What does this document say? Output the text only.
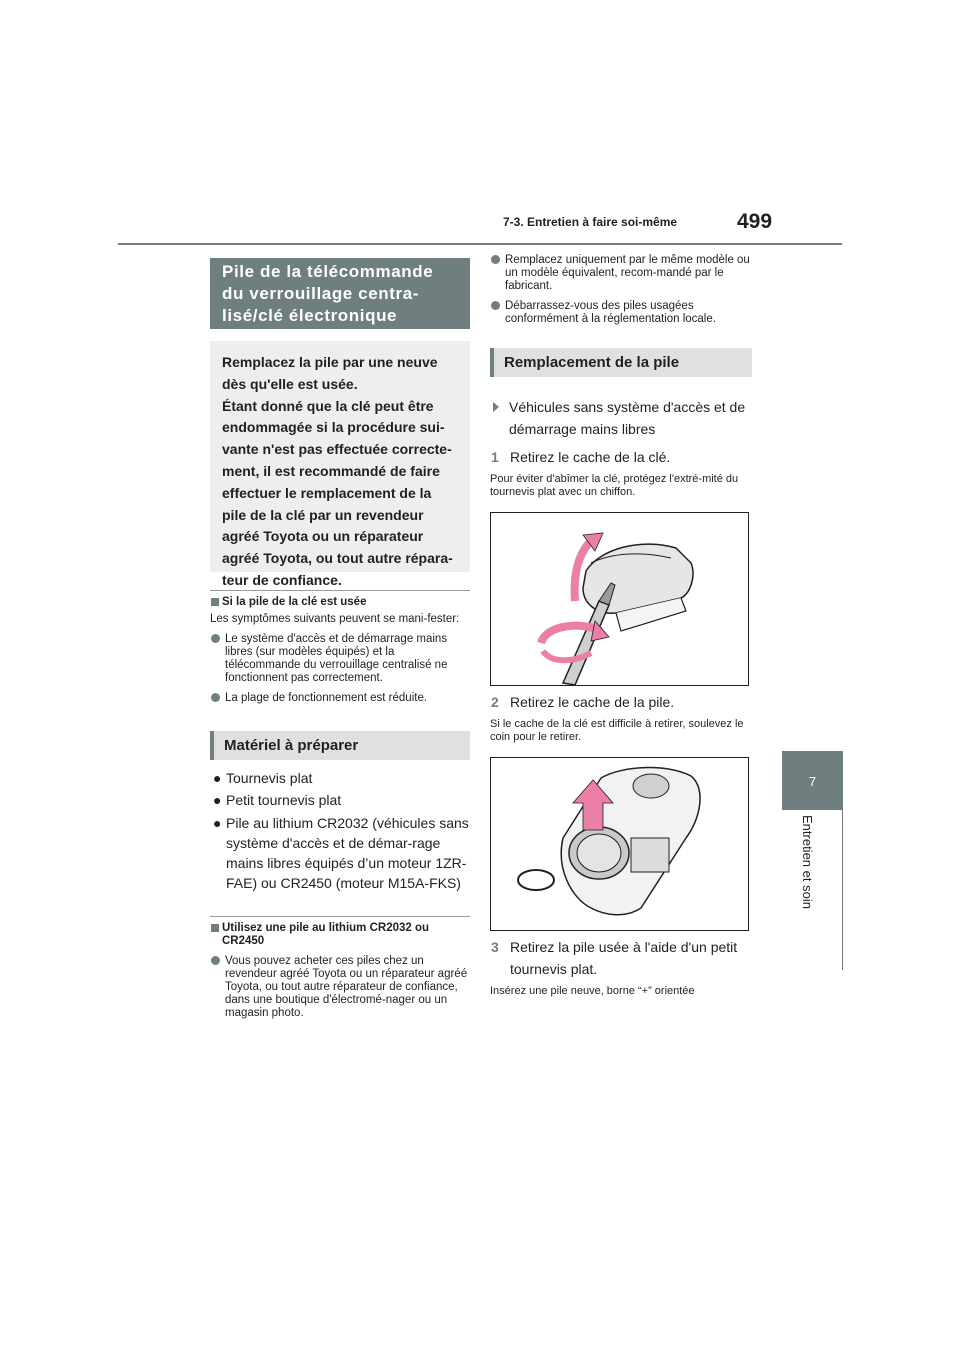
7-3. Entretien à faire soi-même	499
7
Entretien et soin
Pile de la télécommande du verrouillage centra-lisé/clé électronique
Remplacez la pile par une neuve
dès qu'elle est usée.
Étant donné que la clé peut être
endommagée si la procédure sui-
vante n'est pas effectuée correcte-
ment, il est recommandé de faire
effectuer le remplacement de la
pile de la clé par un revendeur
agréé Toyota ou un réparateur
agréé Toyota, ou tout autre répara-
teur de confiance.
Si la pile de la clé est usée
Les symptômes suivants peuvent se mani-fester:
Le système d'accès et de démarrage mains libres (sur modèles équipés) et la télécommande du verrouillage centralisé ne fonctionnent pas correctement.
La plage de fonctionnement est réduite.
Matériel à préparer
● Tournevis plat
● Petit tournevis plat
● Pile au lithium CR2032 (véhicules sans système d'accès et de démar-rage mains libres équipés d’un moteur 1ZR-FAE) ou CR2450 (moteur M15A-FKS)
Utilisez une pile au lithium CR2032 ou CR2450
Vous pouvez acheter ces piles chez un revendeur agréé Toyota ou un réparateur agréé Toyota, ou tout autre réparateur de confiance, dans une boutique d'électromé-nager ou un magasin photo.
Remplacez uniquement par le même modèle ou un modèle équivalent, recom-mandé par le fabricant.
Débarrassez-vous des piles usagées conformément à la réglementation locale.
Remplacement de la pile
Véhicules sans système d'accès et de démarrage mains libres
1 Retirez le cache de la clé.
Pour éviter d'abîmer la clé, protégez l'extré-mité du tournevis plat avec un chiffon.
2 Retirez le cache de la pile.
Si le cache de la clé est difficile à retirer, soulevez le coin pour le retirer.
3 Retirez la pile usée à l'aide d'un petit tournevis plat.
Insérez une pile neuve, borne “+” orientée
